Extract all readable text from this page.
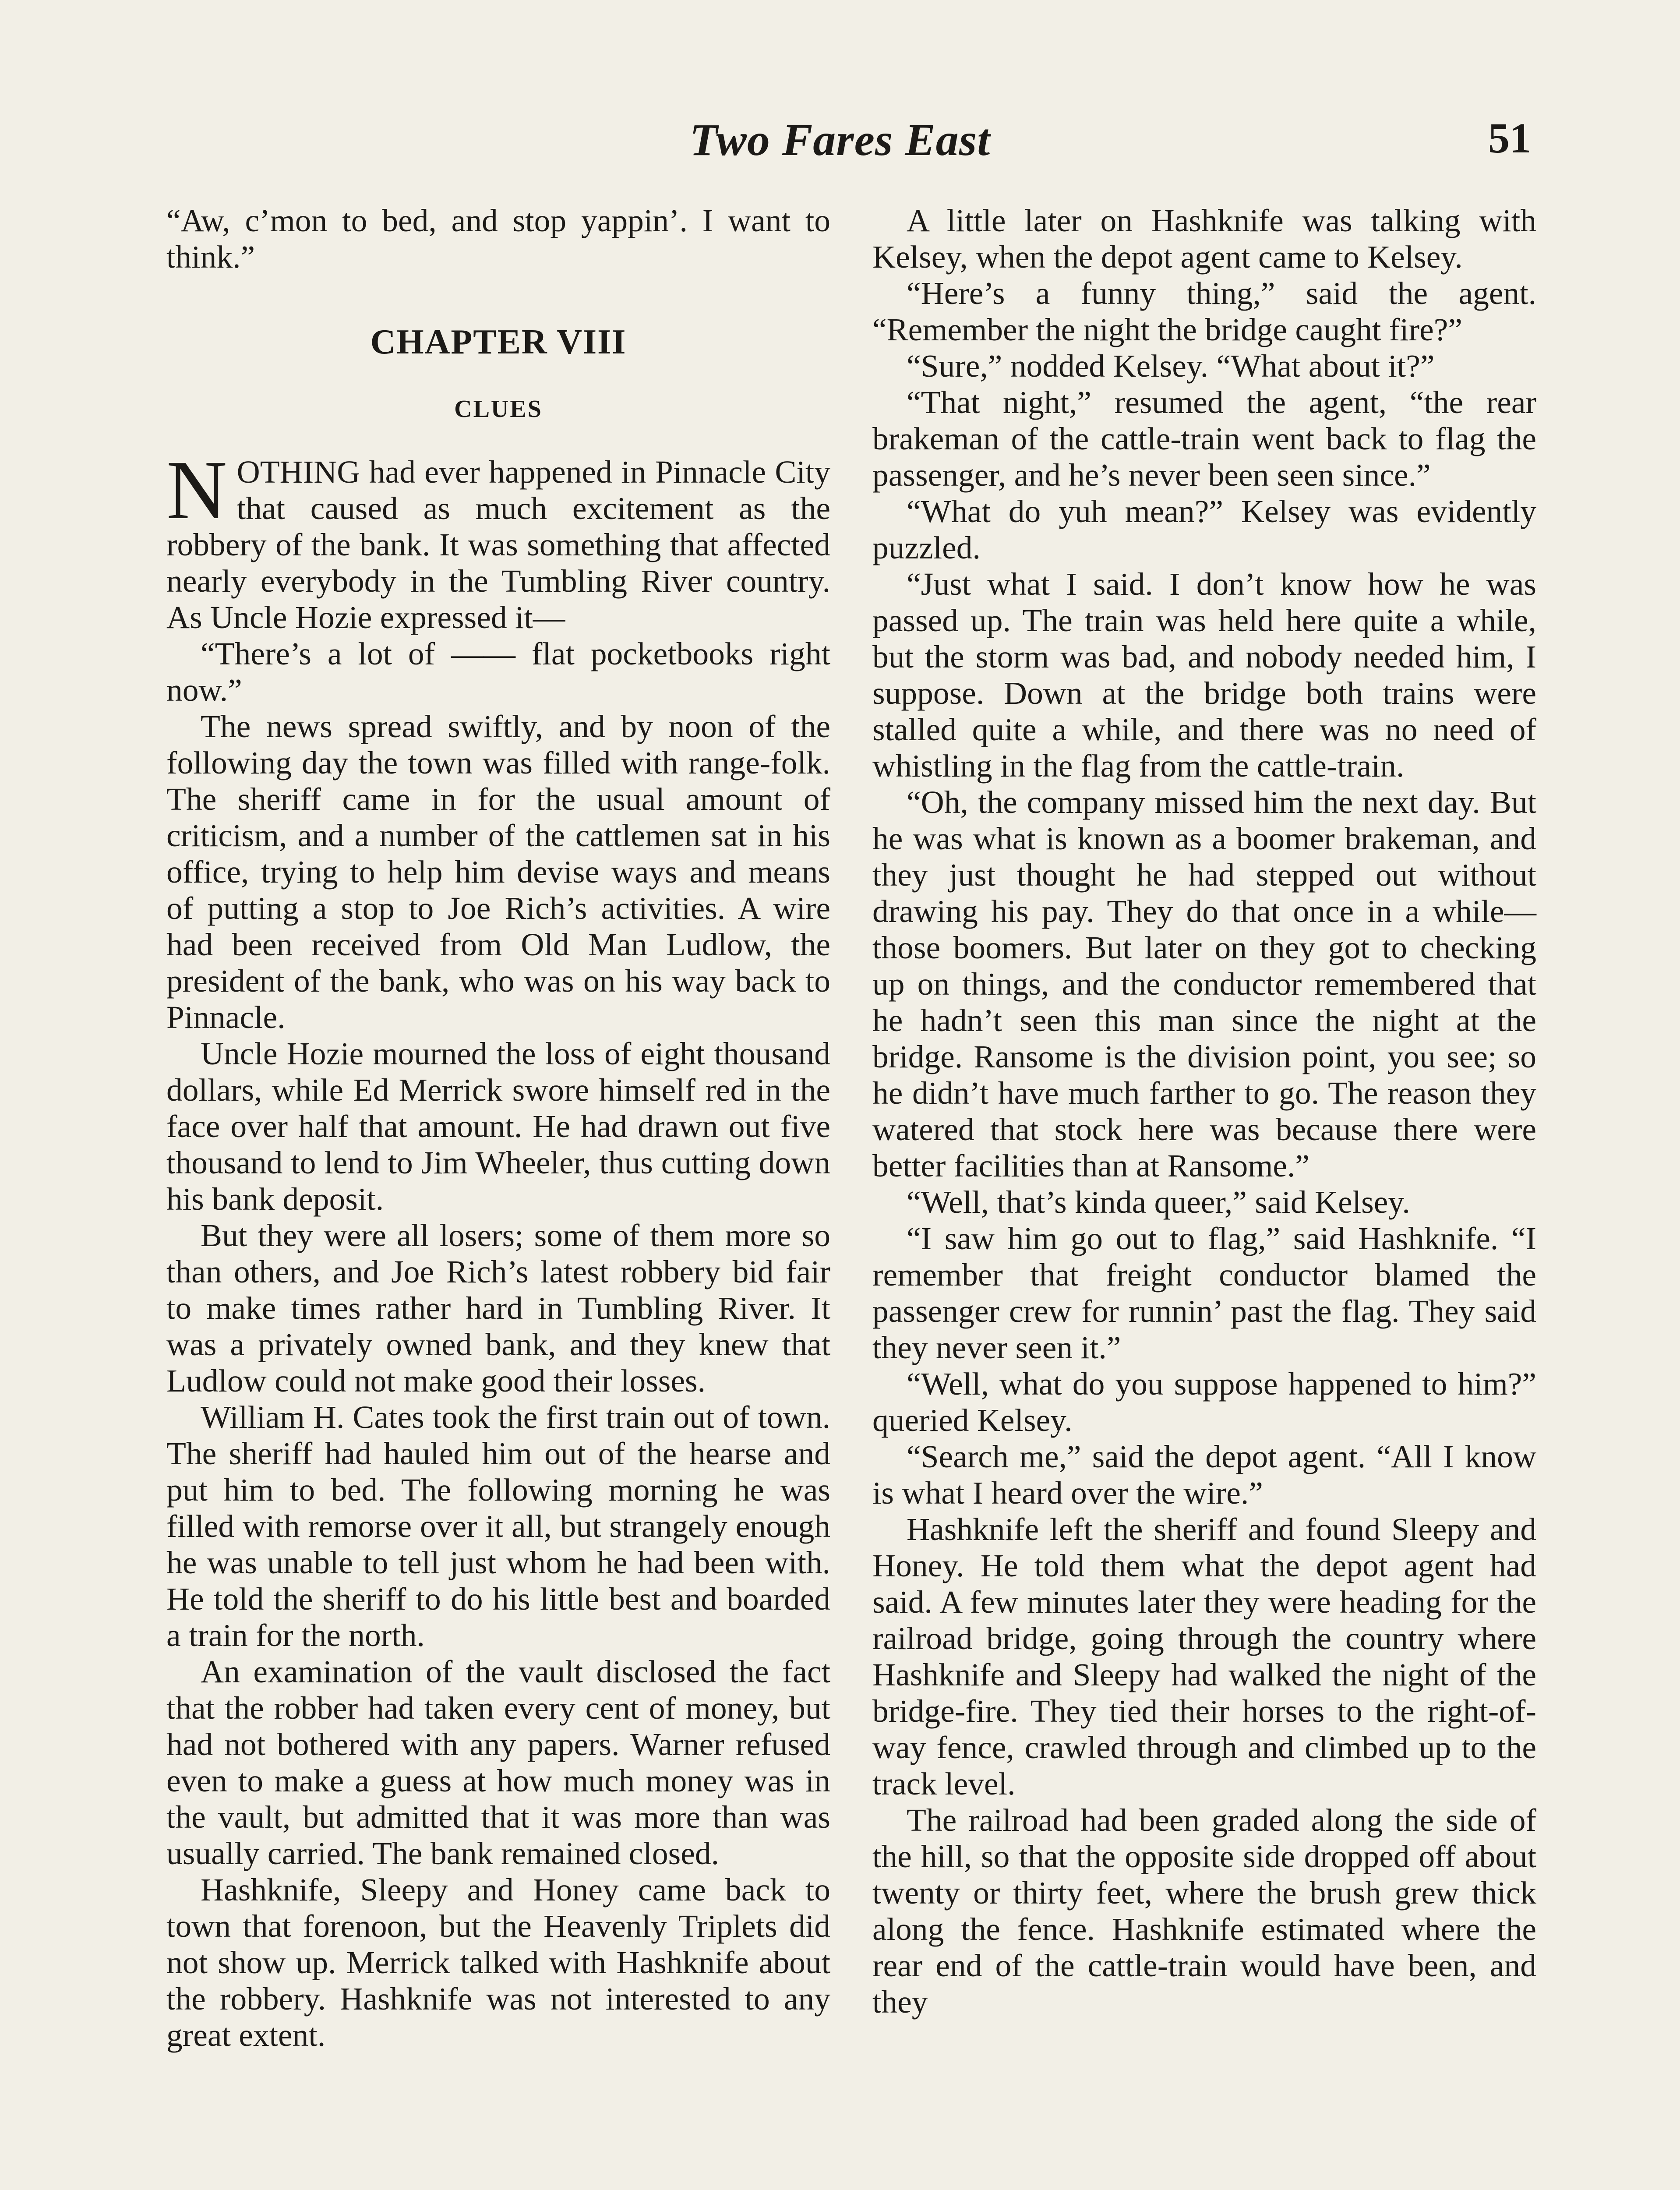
Two Fares East	51

“Aw, c’mon to bed, and stop yappin’. I want to think.”

CHAPTER VIII
CLUES

NOTHING had ever happened in Pinnacle City that caused as much excitement as the robbery of the bank. It was something that affected nearly everybody in the Tumbling River country. As Uncle Hozie expressed it—

“There’s a lot of —— flat pocketbooks right now.”

The news spread swiftly, and by noon of the following day the town was filled with range-folk. The sheriff came in for the usual amount of criticism, and a number of the cattlemen sat in his office, trying to help him devise ways and means of putting a stop to Joe Rich’s activities. A wire had been received from Old Man Ludlow, the president of the bank, who was on his way back to Pinnacle.

Uncle Hozie mourned the loss of eight thousand dollars, while Ed Merrick swore himself red in the face over half that amount. He had drawn out five thousand to lend to Jim Wheeler, thus cutting down his bank deposit.

But they were all losers; some of them more so than others, and Joe Rich’s latest robbery bid fair to make times rather hard in Tumbling River. It was a privately owned bank, and they knew that Ludlow could not make good their losses.

William H. Cates took the first train out of town. The sheriff had hauled him out of the hearse and put him to bed. The following morning he was filled with remorse over it all, but strangely enough he was unable to tell just whom he had been with. He told the sheriff to do his little best and boarded a train for the north.

An examination of the vault disclosed the fact that the robber had taken every cent of money, but had not bothered with any papers. Warner refused even to make a guess at how much money was in the vault, but admitted that it was more than was usually carried. The bank remained closed.

Hashknife, Sleepy and Honey came back to town that forenoon, but the Heavenly Triplets did not show up. Merrick talked with Hashknife about the robbery. Hashknife was not interested to any great extent.

A little later on Hashknife was talking with Kelsey, when the depot agent came to Kelsey.

“Here’s a funny thing,” said the agent. “Remember the night the bridge caught fire?”

“Sure,” nodded Kelsey. “What about it?”

“That night,” resumed the agent, “the rear brakeman of the cattle-train went back to flag the passenger, and he’s never been seen since.”

“What do yuh mean?” Kelsey was evidently puzzled.

“Just what I said. I don’t know how he was passed up. The train was held here quite a while, but the storm was bad, and nobody needed him, I suppose. Down at the bridge both trains were stalled quite a while, and there was no need of whistling in the flag from the cattle-train.

“Oh, the company missed him the next day. But he was what is known as a boomer brakeman, and they just thought he had stepped out without drawing his pay. They do that once in a while—those boomers. But later on they got to checking up on things, and the conductor remembered that he hadn’t seen this man since the night at the bridge. Ransome is the division point, you see; so he didn’t have much farther to go. The reason they watered that stock here was because there were better facilities than at Ransome.”

“Well, that’s kinda queer,” said Kelsey.

“I saw him go out to flag,” said Hashknife. “I remember that freight conductor blamed the passenger crew for runnin’ past the flag. They said they never seen it.”

“Well, what do you suppose happened to him?” queried Kelsey.

“Search me,” said the depot agent. “All I know is what I heard over the wire.”

Hashknife left the sheriff and found Sleepy and Honey. He told them what the depot agent had said. A few minutes later they were heading for the railroad bridge, going through the country where Hashknife and Sleepy had walked the night of the bridge-fire. They tied their horses to the right-of-way fence, crawled through and climbed up to the track level.

The railroad had been graded along the side of the hill, so that the opposite side dropped off about twenty or thirty feet, where the brush grew thick along the fence. Hashknife estimated where the rear end of the cattle-train would have been, and they
